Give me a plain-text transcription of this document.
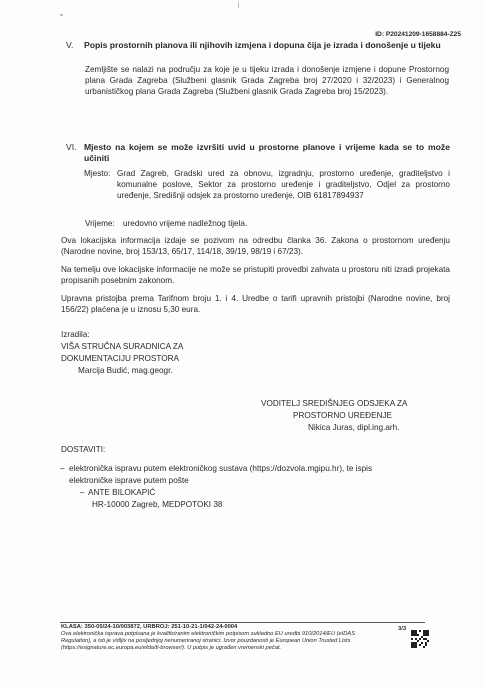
ID: P20241209-1658884-Z25
V. Popis prostornih planova ili njihovih izmjena i dopuna čija je izrada i donošenje u tijeku
Zemljište se nalazi na području za koje je u tijeku izrada i donošenje izmjene i dopune Prostornog plana Grada Zagreba (Službeni glasnik Grada Zagreba broj 27/2020 i 32/2023) i Generalnog urbanističkog plana Grada Zagreba (Službeni glasnik Grada Zagreba broj 15/2023).
VI. Mjesto na kojem se može izvršiti uvid u prostorne planove i vrijeme kada se to može učiniti
Mjesto: Grad Zagreb, Gradski ured za obnovu, izgradnju, prostorno uređenje, graditeljstvo i komunalne poslove, Sektor za prostorno uređenje i graditeljstvo, Odjel za prostorno uređenje, Središnji odsjek za prostorno uređenje, OIB 61817894937
Vrijeme: uredovno vrijeme nadležnog tijela.
Ova lokacijska informacija izdaje se pozivom na odredbu članka 36. Zakona o prostornom uređenju (Narodne novine, broj 153/13, 65/17, 114/18, 39/19, 98/19 i 67/23).
Na temelju ove lokacijske informacije ne može se pristupiti provedbi zahvata u prostoru niti izradi projekata propisanih posebnim zakonom.
Upravna pristojba prema Tarifnom broju 1. i 4. Uredbe o tarifi upravnih pristojbi (Narodne novine, broj 156/22) plaćena je u iznosu 5,30 eura.
Izradila:
VIŠA STRUČNA SURADNICA ZA
DOKUMENTACIJU PROSTORA
Marcija Budić, mag.geogr.
VODITELJ SREDIŠNJEG ODSJEKA ZA
PROSTORNO UREĐENJE
Nikica Juras, dipl.ing.arh.
DOSTAVITI:
– elektronička ispravu putem elektroničkog sustava (https://dozvola.mgipu.hr), te ispis
elektroničke isprave putem pošte
– ANTE BILOKAPIĆ
HR-10000 Zagreb, MEDPOTOKI 38
KLASA: 350-05/24-10/003872, URBROJ: 251-10-21-1/042-24-0004	3/3
Ova elektronička isprava potpisana je kvalificiranim elektroničkim potpisom sukladno EU uredbi 910/2014/EU (eIDAS Regulation), a isti je vidljiv na posljednjoj nenumeriranoj stranici. Izvor pouzdanosti je European Union Trusted Lists (https://esignature.ec.europa.eu/efda/tl-browser/). U potpis je ugrađen vremenski pečat.
